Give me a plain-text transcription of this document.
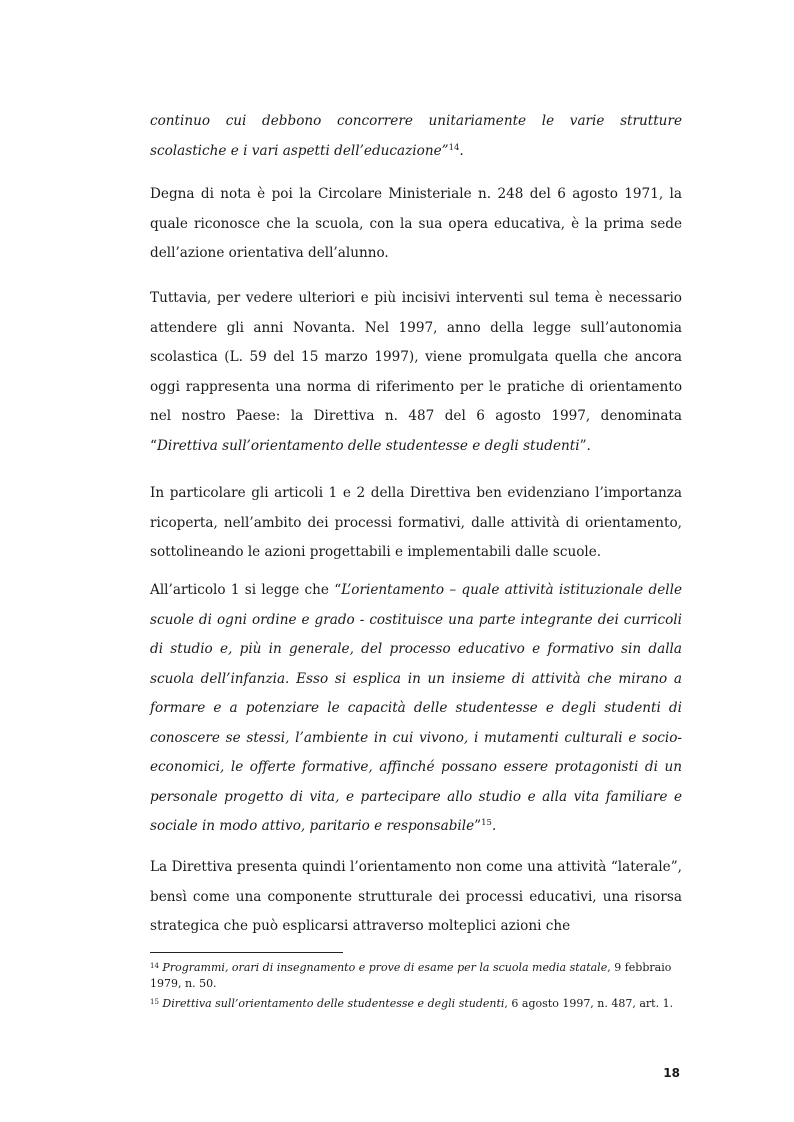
continuo cui debbono concorrere unitariamente le varie strutture scolastiche e i vari aspetti dell’educazione”$^{14}$.

Degna di nota è poi la Circolare Ministeriale n. 248 del 6 agosto 1971, la quale riconosce che la scuola, con la sua opera educativa, è la prima sede dell’azione orientativa dell’alunno.

Tuttavia, per vedere ulteriori e più incisivi interventi sul tema è necessario attendere gli anni Novanta. Nel 1997, anno della legge sull’autonomia scolastica (L. 59 del 15 marzo 1997), viene promulgata quella che ancora oggi rappresenta una norma di riferimento per le pratiche di orientamento nel nostro Paese: la Direttiva n. 487 del 6 agosto 1997, denominata “Direttiva sull’orientamento delle studentesse e degli studenti”.

In particolare gli articoli 1 e 2 della Direttiva ben evidenziano l’importanza ricoperta, nell’ambito dei processi formativi, dalle attività di orientamento, sottolineando le azioni progettabili e implementabili dalle scuole.

All’articolo 1 si legge che “L’orientamento – quale attività istituzionale delle scuole di ogni ordine e grado - costituisce una parte integrante dei curricoli di studio e, più in generale, del processo educativo e formativo sin dalla scuola dell’infanzia. Esso si esplica in un insieme di attività che mirano a formare e a potenziare le capacità delle studentesse e degli studenti di conoscere se stessi, l’ambiente in cui vivono, i mutamenti culturali e socio-economici, le offerte formative, affinché possano essere protagonisti di un personale progetto di vita, e partecipare allo studio e alla vita familiare e sociale in modo attivo, paritario e responsabile”$^{15}$.

La Direttiva presenta quindi l’orientamento non come una attività “laterale”, bensì come una componente strutturale dei processi educativi, una risorsa strategica che può esplicarsi attraverso molteplici azioni che

$^{14}$ Programmi, orari di insegnamento e prove di esame per la scuola media statale, 9 febbraio 1979, n. 50.

$^{15}$ Direttiva sull’orientamento delle studentesse e degli studenti, 6 agosto 1997, n. 487, art. 1.

18
